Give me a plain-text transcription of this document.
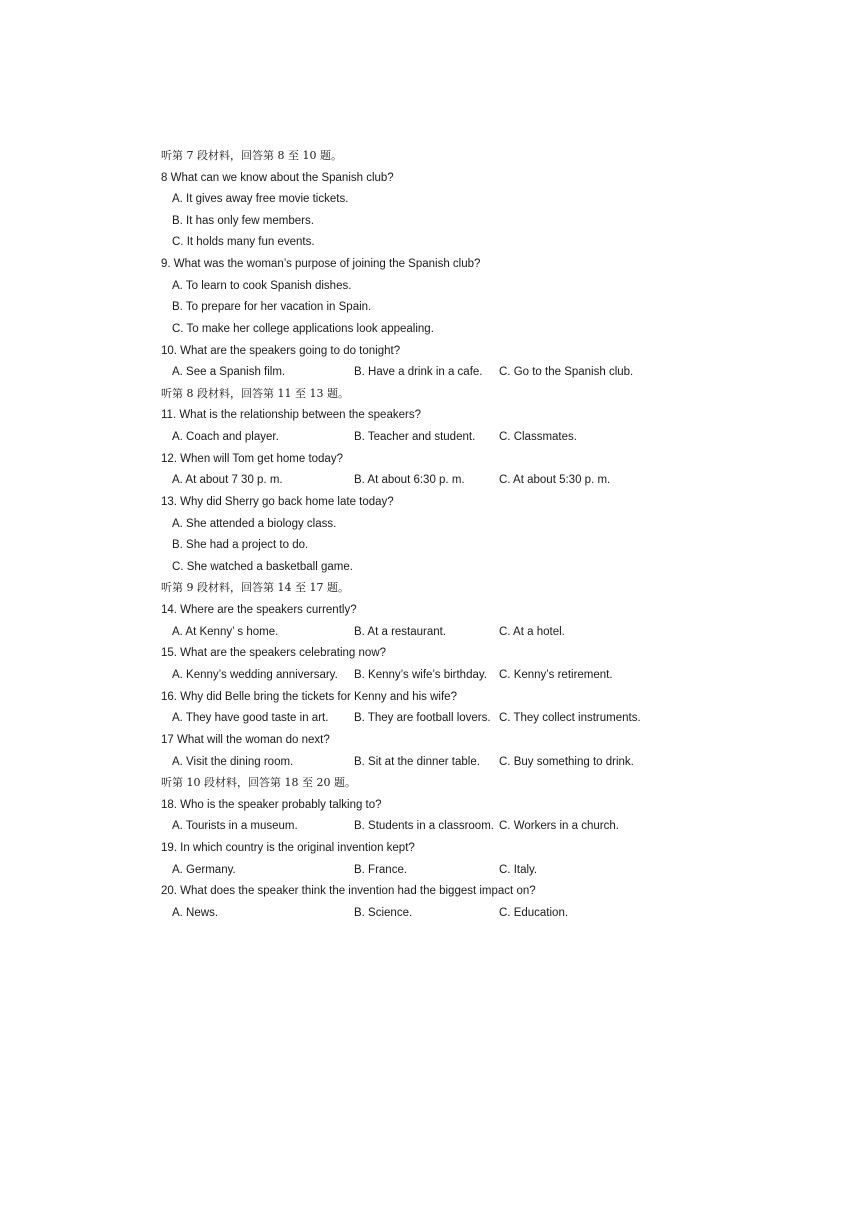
听第 7 段材料，回答第 8 至 10 题。
8 What can we know about the Spanish club?
A. It gives away free movie tickets.
B. It has only few members.
C. It holds many fun events.
9. What was the woman’s purpose of joining the Spanish club?
A. To learn to cook Spanish dishes.
B. To prepare for her vacation in Spain.
C. To make her college applications look appealing.
10. What are the speakers going to do tonight?
A. See a Spanish film.	B. Have a drink in a cafe. C. Go to the Spanish club.
听第 8 段材料，回答第 11 至 13 题。
11. What is the relationship between the speakers?
A. Coach and player.	B. Teacher and student. C. Classmates.
12. When will Tom get home today?
A. At about 7 30 p. m.	B. At about 6:30 p. m.	C. At about 5:30 p. m.
13. Why did Sherry go back home late today?
A. She attended a biology class.
B. She had a project to do.
C. She watched a basketball game.
听第 9 段材料，回答第 14 至 17 题。
14. Where are the speakers currently?
A. At Kenny’ s home.	B. At a restaurant.	C. At a hotel.
15. What are the speakers celebrating now?
A. Kenny’s wedding anniversary. B. Kenny’s wife’s birthday. C. Kenny’s retirement.
16. Why did Belle bring the tickets for Kenny and his wife?
A. They have good taste in art. B. They are football lovers. C. They collect instruments.
17 What will the woman do next?
A. Visit the dining room.	B. Sit at the dinner table. C. Buy something to drink.
听第 10 段材料，回答第 18 至 20 题。
18. Who is the speaker probably talking to?
A. Tourists in a museum.	B. Students in a classroom. C. Workers in a church.
19. In which country is the original invention kept?
A. Germany.	B. France.	C. Italy.
20. What does the speaker think the invention had the biggest impact on?
A. News.	B. Science.	C. Education.
